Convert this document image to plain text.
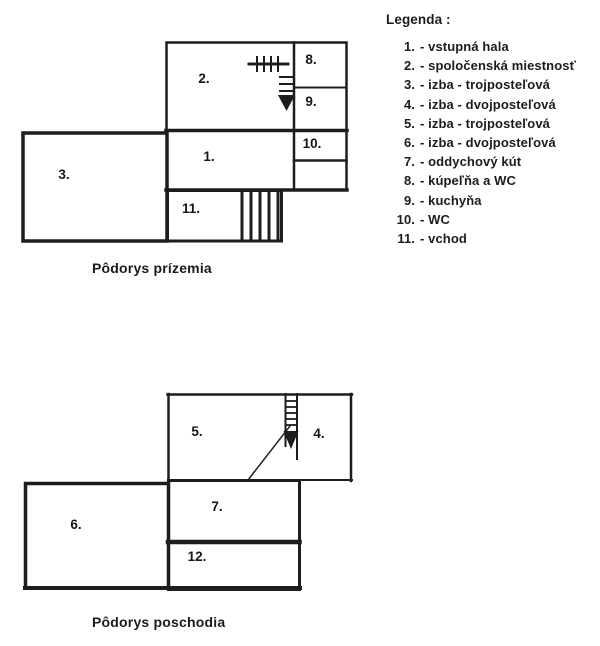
2.
8.
9.
1.
10.
3.
11.
5.	4.
6.
7.
12.
Legenda :
1. - vstupná hala
2. - spoločenská miestnosť
3. - izba - trojposteľová
4. - izba - dvojposteľová
5. - izba - trojposteľová
6. - izba - dvojposteľová
7. - oddychový kút
8. - kúpeľňa a WC
9. - kuchyňa
10. - WC
11. - vchod
Pôdorys prízemia
Pôdorys poschodia
